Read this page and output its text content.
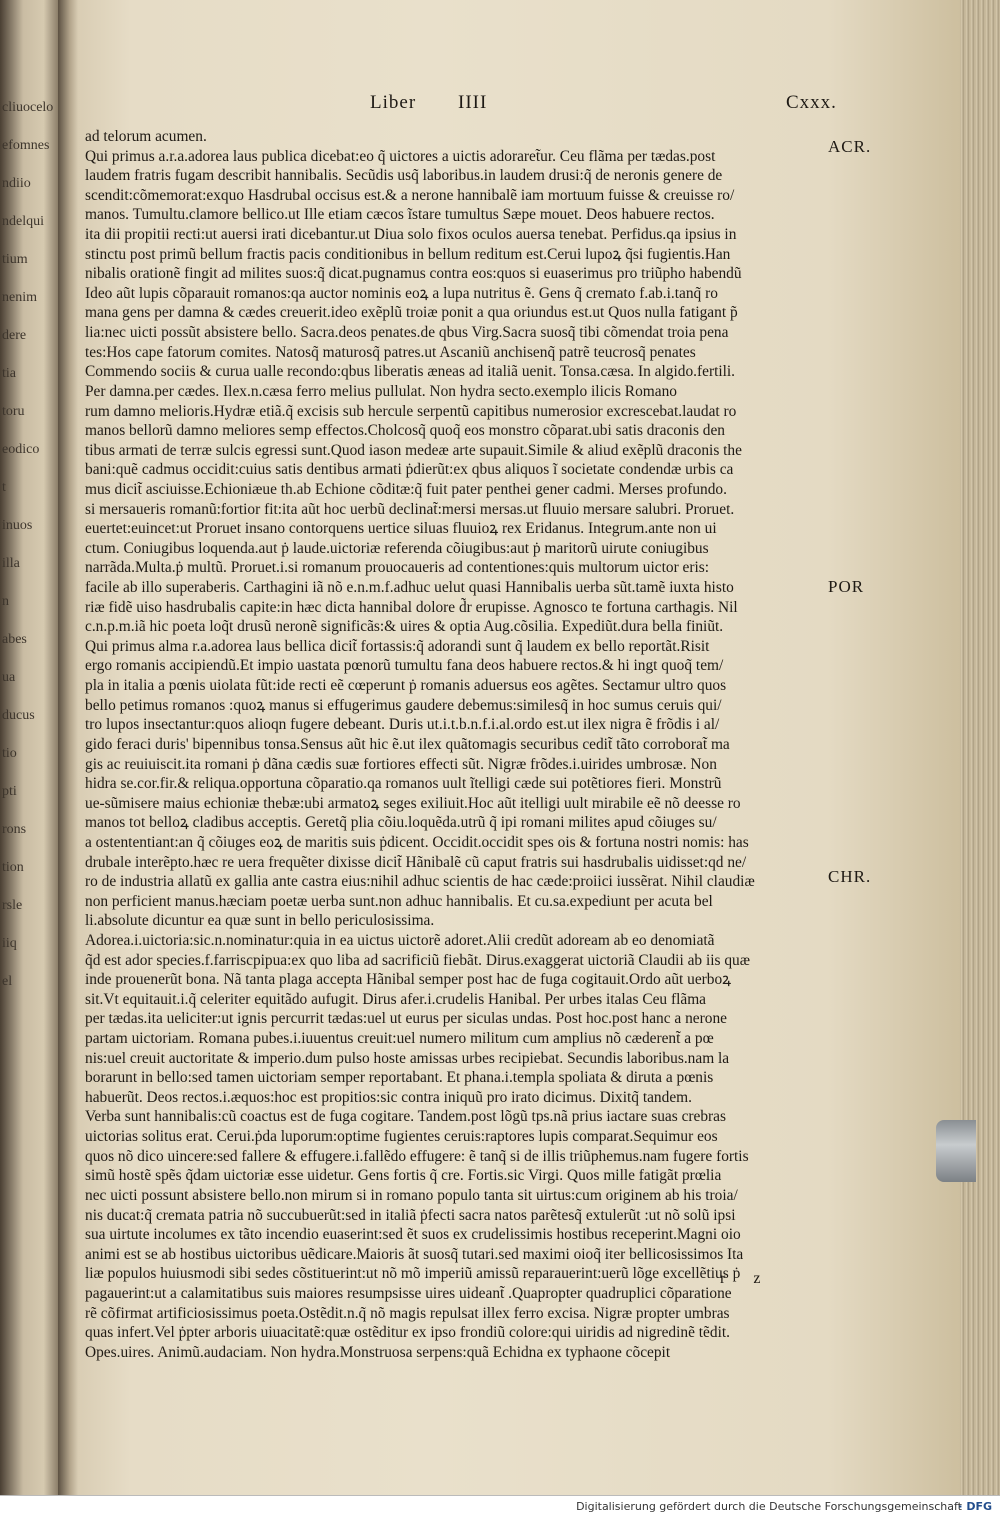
cliuocelo
efomnes
ndiio
ndelqui
tium
nenim
dere
tia
toru
eodico
t
inuos
illa
n
abes
ua
ducus
tio
pti
rons
tion
rsle
iiq
el
Liber IIII	Cxxx.
ad telorum acumen.
Qui primus a.r.a.adorea laus publica dicebat:eo q̃ uictores a uictis adoraret̃ur. Ceu flãma per tædas.post
laudem fratris fugam describit hannibalis. Secũdis usq̃ laboribus.in laudem drusi:q̃ de neronis genere de
scendit:cõmemorat:exquo Hasdrubal occisus est.& a nerone hannibalẽ iam mortuum fuisse & creuisse ro/
manos. Tumultu.clamore bellico.ut Ille etiam cæcos ĩstare tumultus Sæpe mouet. Deos habuere rectos.
ita dii propitii recti:ut auersi irati dicebantur.ut Diua solo fixos oculos auersa tenebat. Perfidus.qa ipsius in
stinctu post primũ bellum fractis pacis conditionibus in bellum reditum est.Cerui lupoꝝ q̃si fugientis.Han
nibalis orationẽ fingit ad milites suos:q̃ dicat.pugnamus contra eos:quos si euaserimus pro triũpho habendũ
Ideo aũt lupis cõparauit romanos:qa auctor nominis eoꝝ a lupa nutritus ẽ. Gens q̃ cremato f.ab.i.tanq̃ ro
mana gens per damna & cædes creuerit.ideo exẽplũ troiæ ponit a qua oriundus est.ut Quos nulla fatigant p̃
lia:nec uicti possũt absistere bello. Sacra.deos penates.de qbus Virg.Sacra suosq̃ tibi cõmendat troia pena
tes:Hos cape fatorum comites. Natosq̃ maturosq̃ patres.ut Ascaniũ anchisenq̃ patrẽ teucrosq̃ penates
Commendo sociis & curua ualle recondo:qbus liberatis æneas ad italiã uenit. Tonsa.cæsa. In algido.fertili.
Per damna.per cædes. Ilex.n.cæsa ferro melius pullulat. Non hydra secto.exemplo ilicis Romano
rum damno melioris.Hydræ etiã.q̃ excisis sub hercule serpentũ capitibus numerosior excrescebat.laudat ro
manos bellorũ damno meliores semp effectos.Cholcosq̃ quoq̃ eos monstro cõparat.ubi satis draconis den
tibus armati de terræ sulcis egressi sunt.Quod iason medeæ arte supauit.Simile & aliud exẽplũ draconis the
bani:quẽ cadmus occidit:cuius satis dentibus armati ṗdierũt:ex qbus aliquos ĩ societate condendæ urbis ca
mus dicit̃ asciuisse.Echioniæue th.ab Echione cõditæ:q̃ fuit pater penthei gener cadmi. Merses profundo.
si mersaueris romanũ:fortior fit:ita aũt hoc uerbũ declinat̃:mersi mersas.ut fluuio mersare salubri. Proruet.
euertet:euincet:ut Proruet insano contorquens uertice siluas fluuioꝝ rex Eridanus. Integrum.ante non ui
ctum. Coniugibus loquenda.aut ṗ laude.uictoriæ referenda cõiugibus:aut ṗ maritorũ uirute coniugibus
narrãda.Multa.ṗ multũ. Proruet.i.si romanum prouocaueris ad contentiones:quis multorum uictor eris:
facile ab illo superaberis. Carthagini iã nõ e.n.m.f.adhuc uelut quasi Hannibalis uerba sũt.tamẽ iuxta histo
riæ fidẽ uiso hasdrubalis capite:in hæc dicta hannibal dolore d̃r erupisse. Agnosco te fortuna carthagis. Nil
c.n.p.m.iã hic poeta loq̃t drusũ neronẽ significãs:& uires & optia Aug.cõsilia. Expediũt.dura bella finiũt.
Qui primus alma r.a.adorea laus bellica dicit̃ fortassis:q̃ adorandi sunt q̃ laudem ex bello reportãt.Risit
ergo romanis accipiendũ.Et impio uastata pœnorũ tumultu fana deos habuere rectos.& hi ingt quoq̃ tem/
pla in italia a pœnis uiolata fũt:ide recti eẽ cœperunt ṗ romanis aduersus eos agẽtes. Sectamur ultro quos
bello petimus romanos :quoꝝ manus si effugerimus gaudere debemus:similesq̃ in hoc sumus ceruis qui/
tro lupos insectantur:quos alioqn fugere debeant. Duris ut.i.t.b.n.f.i.al.ordo est.ut ilex nigra ẽ frõdis i al/
gido feraci duris' bipennibus tonsa.Sensus aũt hic ẽ.ut ilex quãtomagis securibus cedit̃ tãto corroborat̃ ma
gis ac reuiuiscit.ita romani ṗ dãna cædis suæ fortiores effecti sũt. Nigræ frõdes.i.uirides umbrosæ. Non
hidra se.cor.fir.& reliqua.opportuna cõparatio.qa romanos uult ĩtelligi cæde sui potẽtiores fieri. Monstrũ
ue-sũmisere maius echioniæ thebæ:ubi armatoꝝ seges exiliuit.Hoc aũt itelligi uult mirabile eẽ nõ deesse ro
manos tot belloꝝ cladibus acceptis. Geretq̃ plia cõiu.loquẽda.utrũ q̃ ipi romani milites apud cõiuges su/
a ostententiant:an q̃ cõiuges eoꝝ de maritis suis ṗdicent. Occidit.occidit spes ois & fortuna nostri nomis: has
drubale interẽpto.hæc re uera frequẽter dixisse dicit̃ Hãnibalẽ cũ caput fratris sui hasdrubalis uidisset:qd ne/
ro de industria allatũ ex gallia ante castra eius:nihil adhuc scientis de hac cæde:proiici iussẽrat. Nihil claudiæ
non perficient manus.hæciam poetæ uerba sunt.non adhuc hannibalis. Et cu.sa.expediunt per acuta bel
li.absolute dicuntur ea quæ sunt in bello periculosissima.
Adorea.i.uictoria:sic.n.nominatur:quia in ea uictus uictorẽ adoret.Alii credũt adoream ab eo denomiatã
q̃d est ador species.f.farriscpipua:ex quo liba ad sacrificiũ fiebãt. Dirus.exaggerat uictoriã Claudii ab iis quæ
inde prouenerũt bona. Nã tanta plaga accepta Hãnibal semper post hac de fuga cogitauit.Ordo aũt uerboꝝ
sit.Vt equitauit.i.q̃ celeriter equitãdo aufugit. Dirus afer.i.crudelis Hanibal. Per urbes italas Ceu flãma
per tædas.ita ueliciter:ut ignis percurrit tædas:uel ut eurus per siculas undas. Post hoc.post hanc a nerone
partam uictoriam. Romana pubes.i.iuuentus creuit:uel numero militum cum amplius nõ cæderent̃ a pœ
nis:uel creuit auctoritate & imperio.dum pulso hoste amissas urbes recipiebat. Secundis laboribus.nam la
borarunt in bello:sed tamen uictoriam semper reportabant. Et phana.i.templa spoliata & diruta a pœnis
habuerũt. Deos rectos.i.æquos:hoc est propitios:sic contra iniquũ pro irato dicimus. Dixitq̃ tandem.
Verba sunt hannibalis:cũ coactus est de fuga cogitare. Tandem.post lõgũ tps.nã prius iactare suas crebras
uictorias solitus erat. Cerui.ṗda luporum:optime fugientes ceruis:raptores lupis comparat.Sequimur eos
quos nõ dico uincere:sed fallere & effugere.i.fallẽdo effugere: ẽ tanq̃ si de illis triũphemus.nam fugere fortis
simũ hostẽ spẽs q̃dam uictoriæ esse uidetur. Gens fortis q̃ cre. Fortis.sic Virgi. Quos mille fatigãt prœlia
nec uicti possunt absistere bello.non mirum si in romano populo tanta sit uirtus:cum originem ab his troia/
nis ducat:q̃ cremata patria nõ succubuerũt:sed in italiã ṗfecti sacra natos parẽtesq̃ extulerũt :ut nõ solũ ipsi
sua uirtute incolumes ex tãto incendio euaserint:sed ẽt suos ex crudelissimis hostibus receperint.Magni oio
animi est se ab hostibus uictoribus uẽdicare.Maioris ãt suosq̃ tutari.sed maximi oioq̃ iter bellicosissimos Ita
liæ populos huiusmodi sibi sedes cõstituerint:ut nõ mõ imperiũ amissũ reparauerint:uerũ lõge excellẽtius ṗ
pagauerint:ut a calamitatibus suis maiores resumpsisse uires uideant̃ .Quapropter quadruplici cõparatione
rẽ cõfirmat artificiosissimus poeta.Ostẽdit.n.q̃ nõ magis repulsat illex ferro excisa. Nigræ propter umbras
quas infert.Vel ṗpter arboris uiuacitatẽ:quæ ostẽditur ex ipso frondiũ colore:qui uiridis ad nigredinẽ tẽdit.
Opes.uires. Animũ.audaciam. Non hydra.Monstruosa serpens:quã Echidna ex typhaone cõcepit
ACR.
POR
CHR.
r z
Digitalisierung gefördert durch die Deutsche Forschungsgemeinschaft
· DFG
